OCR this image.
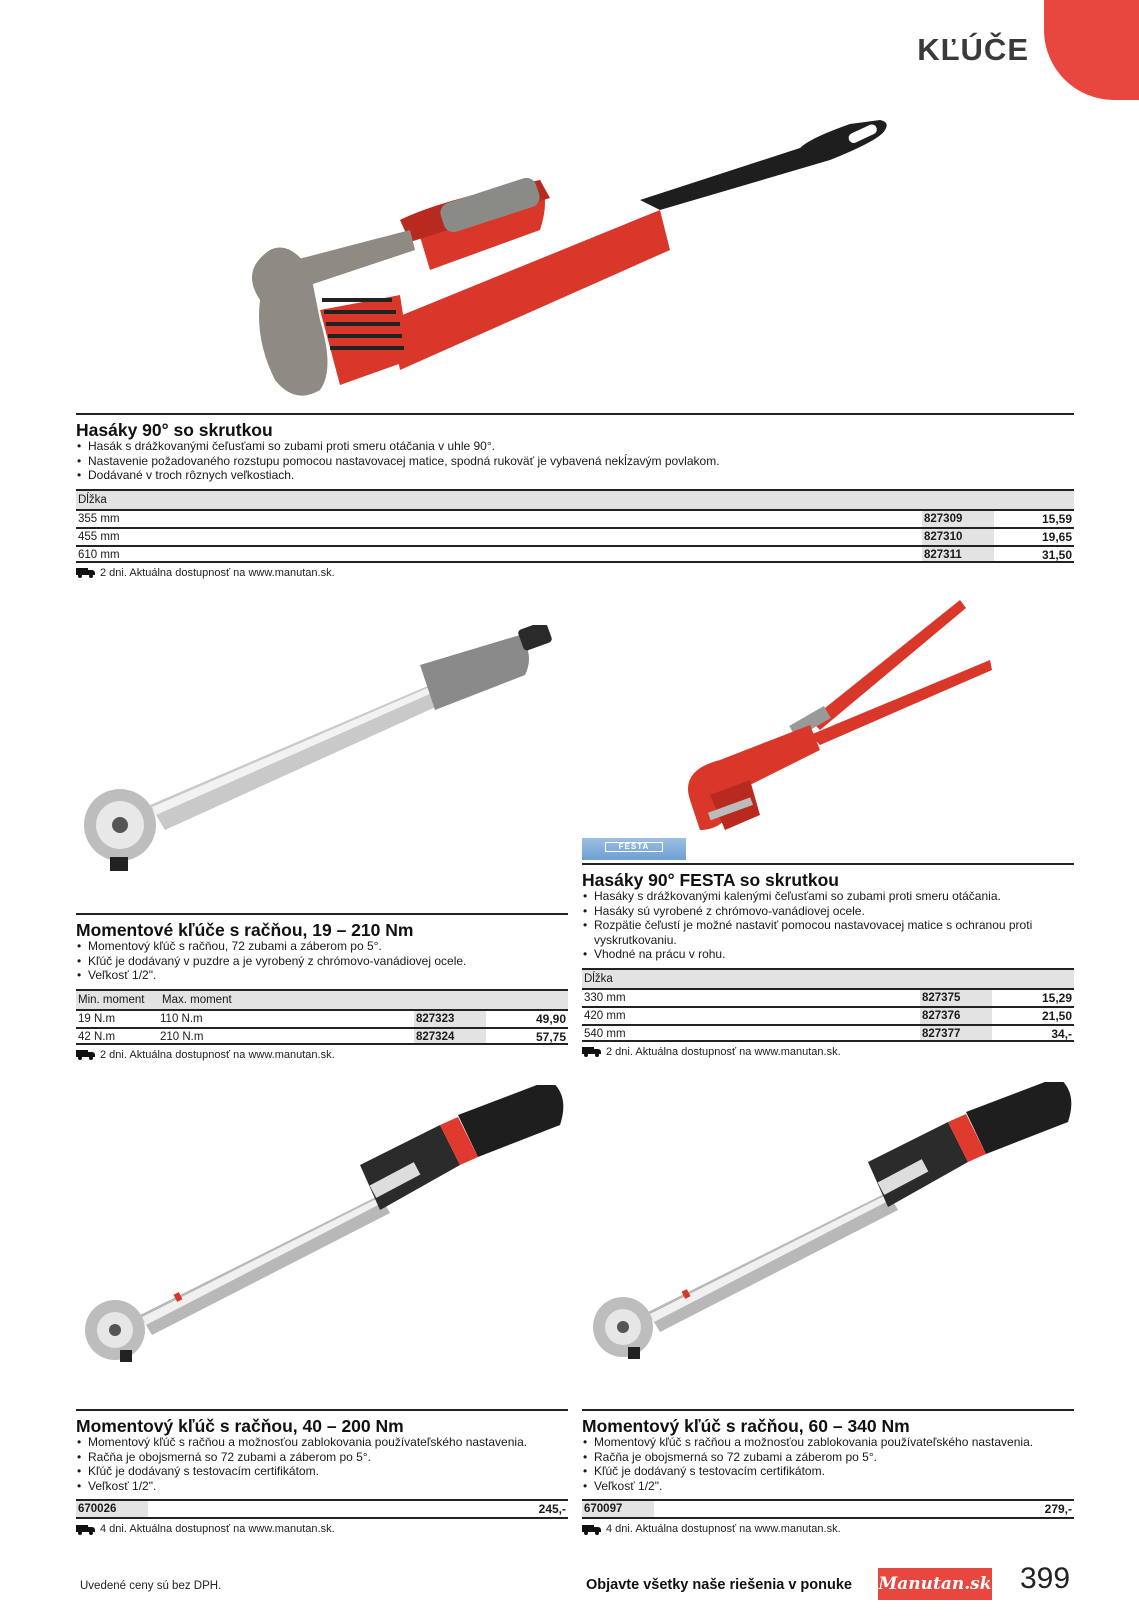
KĽÚČE
Hasáky 90° so skrutkou
• Hasák s drážkovanými čeľusťami so zubami proti smeru otáčania v uhle 90°.
• Nastavenie požadovaného rozstupu pomocou nastavovacej matice, spodná rukoväť je vybavená nekĺzavým povlakom.
• Dodávané v troch rôznych veľkostiach.
Dĺžka
355 mm	827309	15,59
455 mm	827310	19,65
610 mm	827311	31,50
2 dni. Aktuálna dostupnosť na www.manutan.sk.
FESTA
Momentové kľúče s račňou, 19 – 210 Nm
• Momentový kľúč s račňou, 72 zubami a záberom po 5°.
• Kľúč je dodávaný v puzdre a je vyrobený z chrómovo-vanádiovej ocele.
• Veľkosť 1/2".
Min. moment	Max. moment
19 N.m	110 N.m	827323	49,90
42 N.m	210 N.m	827324	57,75
2 dni. Aktuálna dostupnosť na www.manutan.sk.
Hasáky 90° FESTA so skrutkou
• Hasáky s drážkovanými kalenými čeľusťami so zubami proti smeru otáčania.
• Hasáky sú vyrobené z chrómovo-vanádiovej ocele.
• Rozpätie čeľustí je možné nastaviť pomocou nastavovacej matice s ochranou proti vyskrutkovaniu.
• Vhodné na prácu v rohu.
Dĺžka
330 mm	827375	15,29
420 mm	827376	21,50
540 mm	827377	34,-
2 dni. Aktuálna dostupnosť na www.manutan.sk.
Momentový kľúč s račňou, 40 – 200 Nm
• Momentový kľúč s račňou a možnosťou zablokovania používateľského nastavenia.
• Račňa je obojsmerná so 72 zubami a záberom po 5°.
• Kľúč je dodávaný s testovacím certifikátom.
• Veľkosť 1/2".
670026	245,-
4 dni. Aktuálna dostupnosť na www.manutan.sk.
Momentový kľúč s račňou, 60 – 340 Nm
• Momentový kľúč s račňou a možnosťou zablokovania používateľského nastavenia.
• Račňa je obojsmerná so 72 zubami a záberom po 5°.
• Kľúč je dodávaný s testovacím certifikátom.
• Veľkosť 1/2".
670097	279,-
4 dni. Aktuálna dostupnosť na www.manutan.sk.
Uvedené ceny sú bez DPH.	Objavte všetky naše riešenia v ponuke Manutan.sk 399
